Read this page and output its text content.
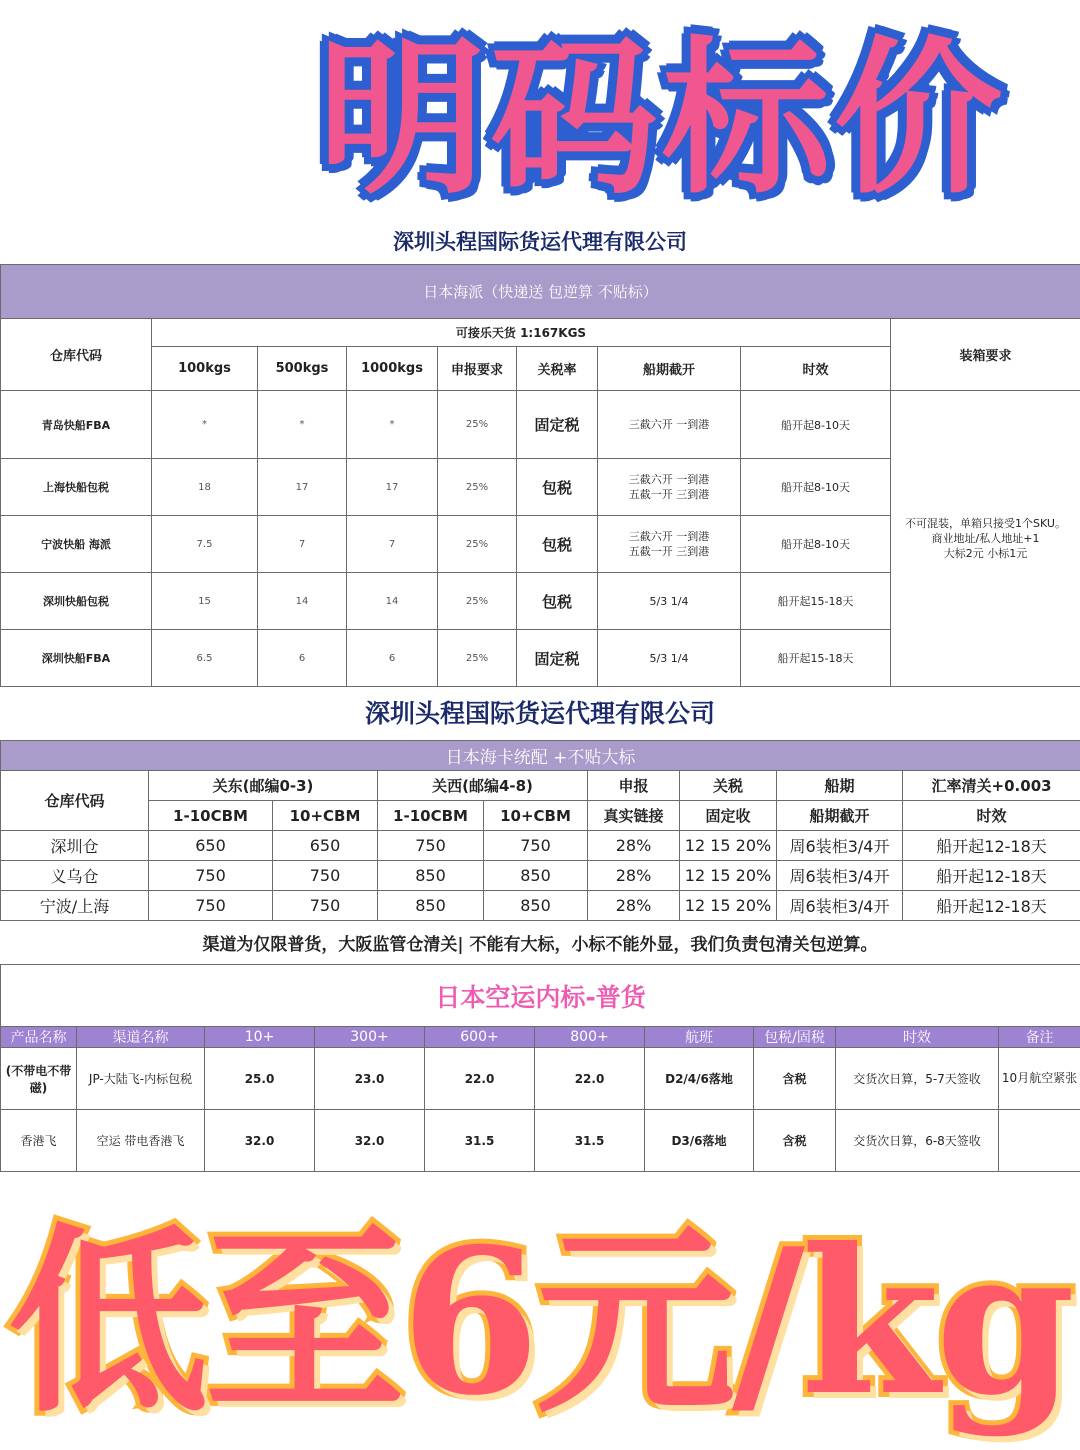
明码标价
深圳头程国际货运代理有限公司
日本海派（快递送 包逆算 不贴标）								
仓库代码	可接乐天货 1:167KGS							装箱要求
	100kgs	500kgs	1000kgs	申报要求	关税率	船期截开	时效	
青岛快船FBA	*	*	*	25%	固定税	三截六开 一到港	船开起8-10天	不可混装，单箱只接受1个SKU。
商业地址/私人地址+1
大标2元 小标1元

上海快船包税	18	17	17	25%	包税	三截六开 一到港
五截一开 三到港	船开起8-10天	
宁波快船 海派	7.5	7	7	25%	包税	三截六开 一到港
五截一开 三到港	船开起8-10天	
深圳快船包税	15	14	14	25%	包税	5/3 1/4	船开起15-18天	
深圳快船FBA	6.5	6	6	25%	固定税	5/3 1/4	船开起15-18天	
深圳头程国际货运代理有限公司
日本海卡统配 +不贴大标								
仓库代码	关东(邮编0-3)		关西(邮编4-8)		申报	关税	船期	汇率清关+0.003
	1-10CBM	10+CBM	1-10CBM	10+CBM	真实链接	固定收	船期截开	时效
深圳仓	650	650	750	750	28%	12 15 20%	周6装柜3/4开	船开起12-18天
义乌仓	750	750	850	850	28%	12 15 20%	周6装柜3/4开	船开起12-18天
宁波/上海	750	750	850	850	28%	12 15 20%	周6装柜3/4开	船开起12-18天
渠道为仅限普货，大阪监管仓清关| 不能有大标，小标不能外显，我们负责包清关包逆算。
日本空运内标-普货									
产品名称	渠道名称	10+	300+	600+	800+	航班	包税/固税	时效	备注
(不带电不带磁)	JP-大陆飞-内标包税	25.0	23.0	22.0	22.0	D2/4/6落地	含税	交货次日算，5-7天签收	10月航空紧张
香港飞	空运 带电香港飞	32.0	32.0	31.5	31.5	D3/6落地	含税	交货次日算，6-8天签收	
低至6元/kg
